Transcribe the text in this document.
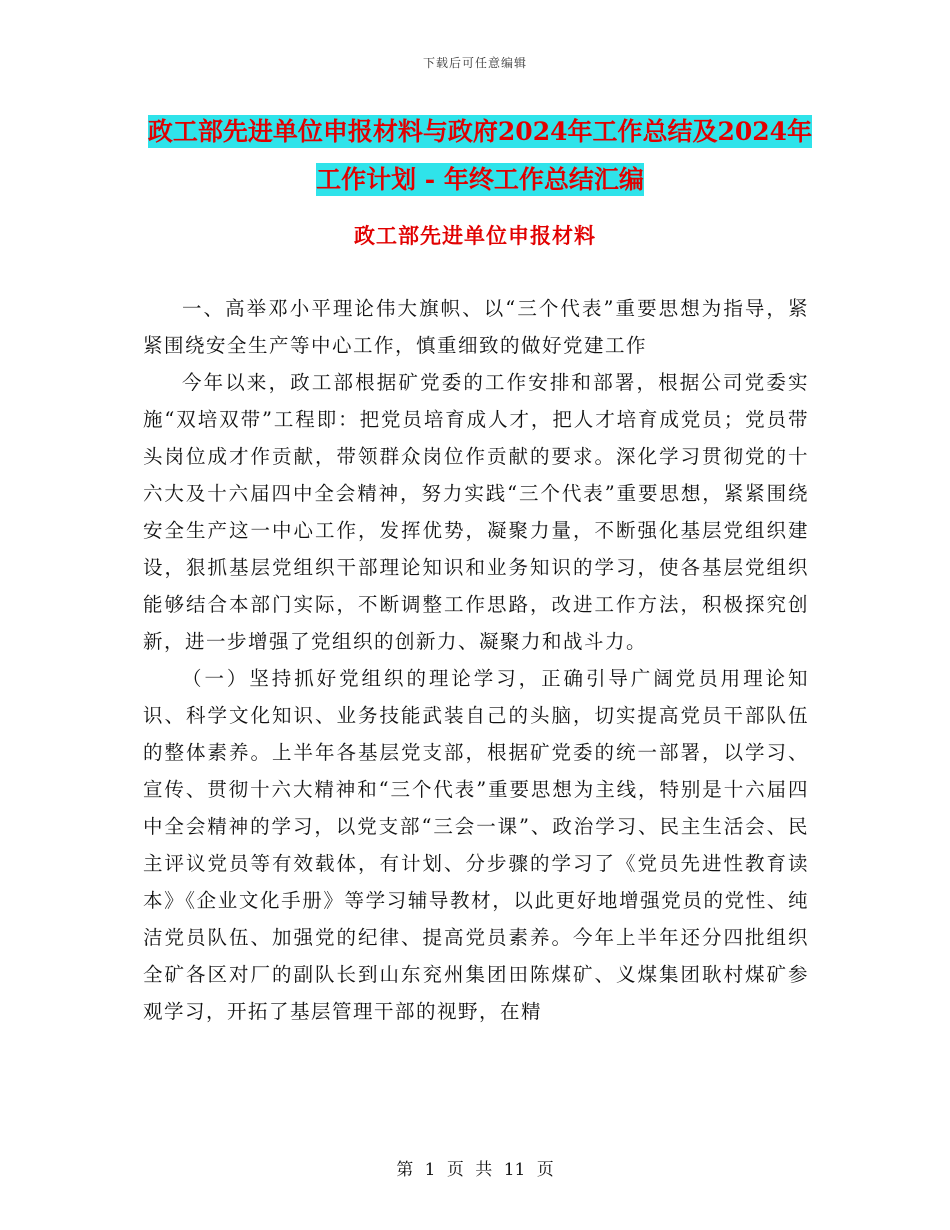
下载后可任意编辑
政工部先进单位申报材料与政府2024年工作总结及2024年工作计划 - 年终工作总结汇编
政工部先进单位申报材料

一、高举邓小平理论伟大旗帜、以“三个代表”重要思想为指导，紧紧围绕安全生产等中心工作，慎重细致的做好党建工作

今年以来，政工部根据矿党委的工作安排和部署，根据公司党委实施“双培双带”工程即：把党员培育成人才，把人才培育成党员；党员带头岗位成才作贡献，带领群众岗位作贡献的要求。深化学习贯彻党的十六大及十六届四中全会精神，努力实践“三个代表”重要思想，紧紧围绕安全生产这一中心工作，发挥优势，凝聚力量，不断强化基层党组织建设，狠抓基层党组织干部理论知识和业务知识的学习，使各基层党组织能够结合本部门实际，不断调整工作思路，改进工作方法，积极探究创新，进一步增强了党组织的创新力、凝聚力和战斗力。

（一）坚持抓好党组织的理论学习，正确引导广阔党员用理论知识、科学文化知识、业务技能武装自己的头脑，切实提高党员干部队伍的整体素养。上半年各基层党支部，根据矿党委的统一部署，以学习、宣传、贯彻十六大精神和“三个代表”重要思想为主线，特别是十六届四中全会精神的学习，以党支部“三会一课”、政治学习、民主生活会、民主评议党员等有效载体，有计划、分步骤的学习了《党员先进性教育读本》《企业文化手册》等学习辅导教材，以此更好地增强党员的党性、纯洁党员队伍、加强党的纪律、提高党员素养。今年上半年还分四批组织全矿各区对厂的副队长到山东兖州集团田陈煤矿、义煤集团耿村煤矿参观学习，开拓了基层管理干部的视野，在精

第 1 页 共 11 页
